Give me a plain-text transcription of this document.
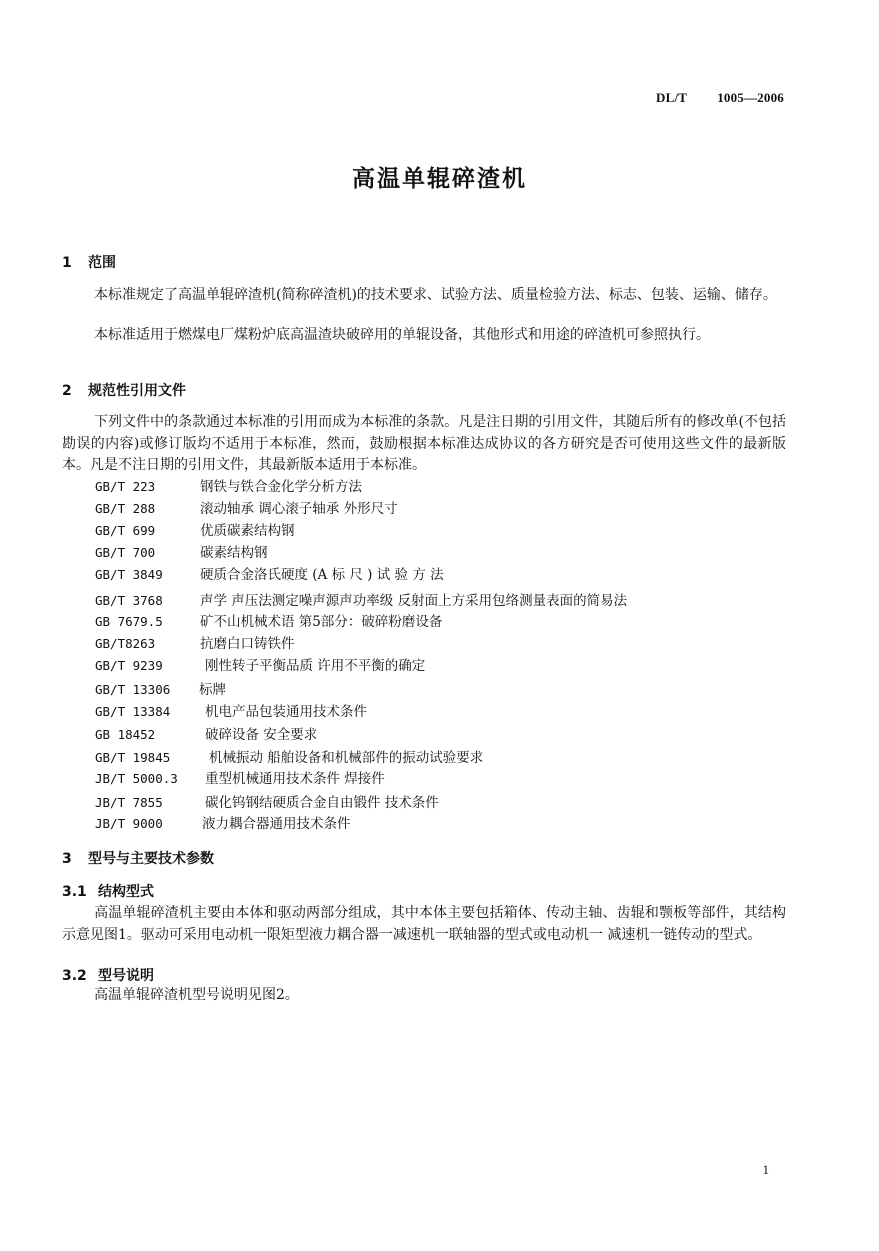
DL/T 1005—2006
高温单辊碎渣机
1 范围
本标准规定了高温单辊碎渣机(简称碎渣机)的技术要求、试验方法、质量检验方法、标志、包装、运输、储存。
本标准适用于燃煤电厂煤粉炉底高温渣块破碎用的单辊设备，其他形式和用途的碎渣机可参照执行。
2 规范性引用文件
下列文件中的条款通过本标准的引用而成为本标准的条款。凡是注日期的引用文件，其随后所有的修改单(不包括勘误的内容)或修订版均不适用于本标准，然而，鼓励根据本标准达成协议的各方研究是否可使用这些文件的最新版本。凡是不注日期的引用文件，其最新版本适用于本标准。
GB/T 223	钢铁与铁合金化学分析方法
GB/T 288	滚动轴承 调心滚子轴承 外形尺寸
GB/T 699	优质碳素结构钢
GB/T 700	碳素结构钢
GB/T 3849	硬质合金洛氏硬度 (A 标 尺 ) 试 验 方 法
GB/T 3768	声学 声压法测定噪声源声功率级 反射面上方采用包络测量表面的简易法
GB 7679.5	矿不山机械术语 第5部分：破碎粉磨设备
GB/T8263	抗磨白口铸铁件
GB/T 9239	刚性转子平衡品质 许用不平衡的确定
GB/T 13306 标牌
GB/T 13384	机电产品包装通用技术条件
GB 18452	破碎设备 安全要求
GB/T 19845	机械振动 船舶设备和机械部件的振动试验要求
JB/T 5000.3 重型机械通用技术条件 焊接件
JB/T 7855	碳化钨钢结硬质合金自由锻件 技术条件
JB/T 9000	液力耦合器通用技术条件
3 型号与主要技术参数
3.1 结构型式
高温单辊碎渣机主要由本体和驱动两部分组成，其中本体主要包括箱体、传动主轴、齿辊和颚板等部件，其结构示意见图1。驱动可采用电动机一限矩型液力耦合器一减速机一联轴器的型式或电动机一 减速机一链传动的型式。
3.2 型号说明
高温单辊碎渣机型号说明见图2。
1
